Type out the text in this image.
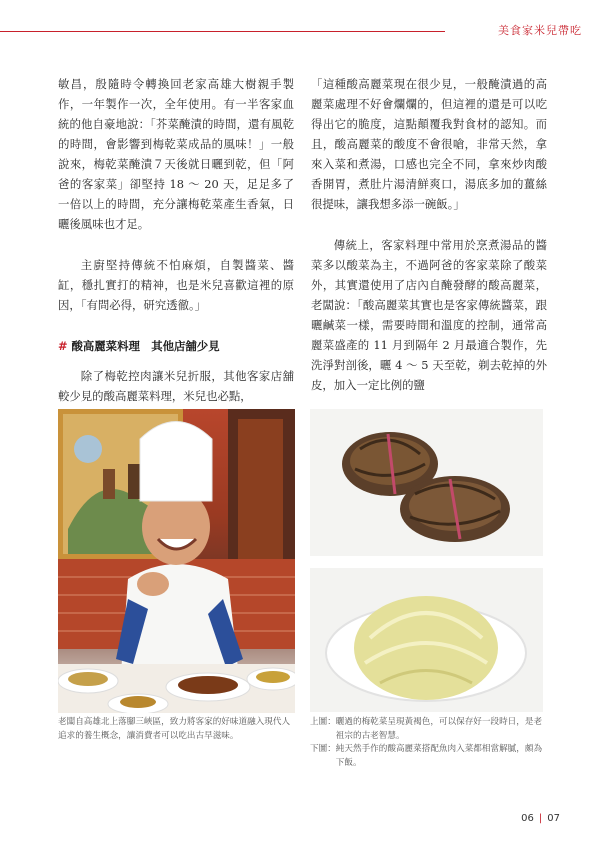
美食家米兒帶吃

敏昌，殷隨時令轉換回老家高雄大樹親手製作，一年製作一次，全年使用。有一半客家血統的他自豪地說：「芥菜醃漬的時間，還有風乾的時間，會影響到梅乾菜成品的風味！」一般說來，梅乾菜醃漬７天後就日曬到乾，但「阿爸的客家菜」卻堅持 18 ～ 20 天，足足多了一倍以上的時間，充分讓梅乾菜產生香氣，日曬後風味也才足。

主廚堅持傳統不怕麻煩，自製醬菜、醬缸，穩扎實打的精神，也是米兒喜歡這裡的原因，「有問必得，研究透徹。」

# 酸高麗菜料理　其他店舖少見

除了梅乾控肉讓米兒折服，其他客家店舖較少見的酸高麗菜料理，米兒也必點，

「這種酸高麗菜現在很少見，一般醃漬過的高麗菜處理不好會爛爛的，但這裡的還是可以吃得出它的脆度，這點顛覆我對食材的認知。而且，酸高麗菜的酸度不會很嗆，非常天然，拿來入菜和煮湯，口感也完全不同，拿來炒肉酸香開胃，煮肚片湯清鮮爽口，湯底多加的薑絲很提味，讓我想多添一碗飯。」

傳統上，客家料理中常用於烹煮湯品的醬菜多以酸菜為主，不過阿爸的客家菜除了酸菜外，其實還使用了店內自醃發酵的酸高麗菜，老闆說：「酸高麗菜其實也是客家傳統醬菜，跟曬鹹菜一樣，需要時間和溫度的控制，通常高麗菜盛產的 11 月到隔年 2 月最適合製作，先洗淨對剖後，曬 4 ～ 5 天至乾，剃去乾掉的外皮，加入一定比例的鹽

老闆自高雄北上落腳三峽區，致力將客家的好味道融入現代人追求的養生概念，讓消費者可以吃出古早滋味。
上圖： 曬過的梅乾菜呈現黃褐色，可以保存好一段時日，是老祖宗的古老智慧。
下圖： 純天然手作的酸高麗菜搭配魚肉入菜都相當解膩，頗為下飯。
06 | 07
